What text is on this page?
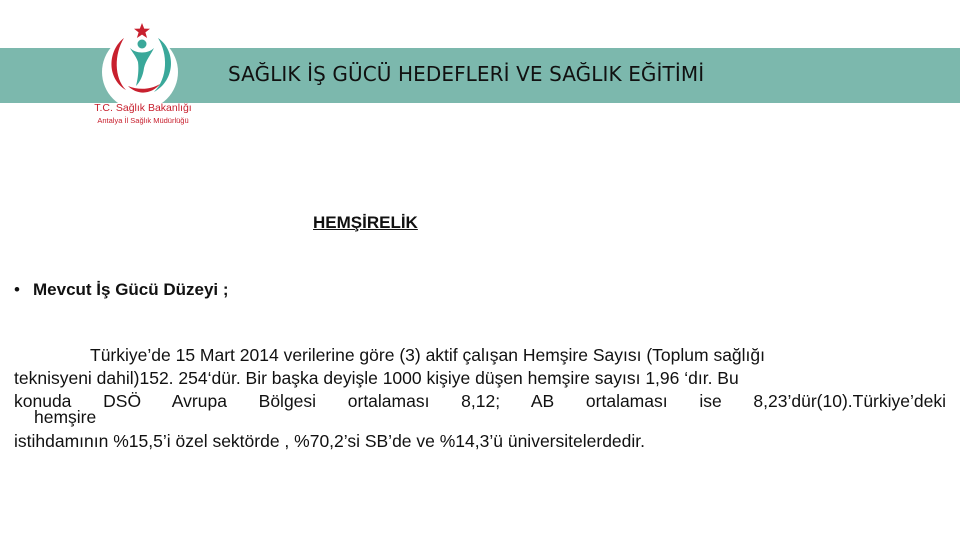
T.C. Sağlık Bakanlığı
Antalya İl Sağlık Müdürlüğü
SAĞLIK İŞ GÜCÜ HEDEFLERİ VE SAĞLIK EĞİTİMİ
HEMŞİRELİK
• Mevcut İş Gücü Düzeyi ;
Türkiye’de 15 Mart 2014 verilerine göre (3) aktif çalışan Hemşire Sayısı (Toplum sağlığı
teknisyeni dahil)152. 254‘dür. Bir başka deyişle 1000 kişiye düşen hemşire sayısı 1,96 ‘dır. Bu
konuda DSÖ Avrupa Bölgesi ortalaması 8,12; AB ortalaması ise 8,23’dür(10).Türkiye’deki
hemşire
istihdamının %15,5’i özel sektörde , %70,2’si SB’de ve %14,3’ü üniversitelerdedir.
